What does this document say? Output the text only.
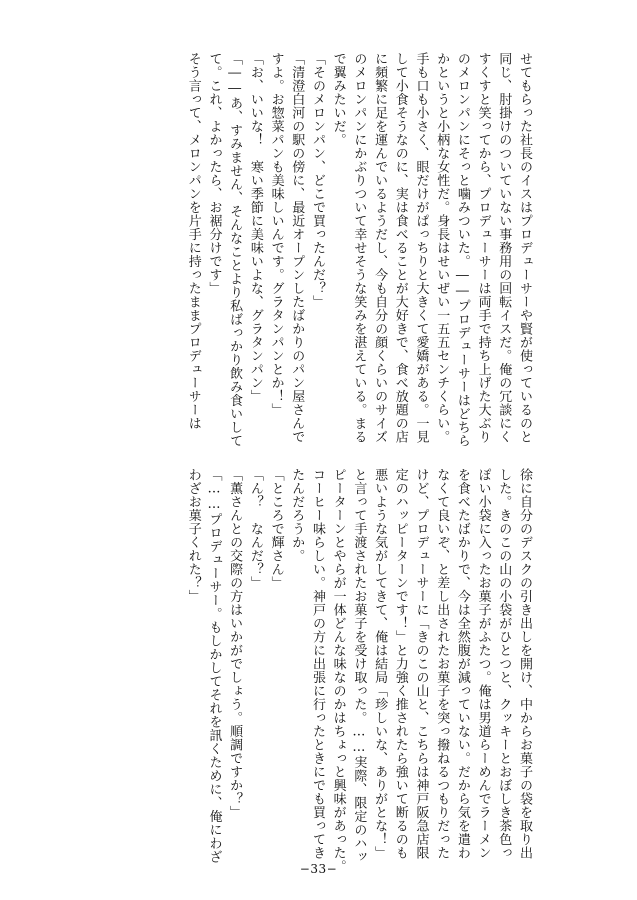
せてもらった社長のイスはプロデューサーや賢が使っているのと
同じ、肘掛けのついていない事務用の回転イスだ。俺の冗談にく
すくすと笑ってから、プロデューサーは両手で持ち上げた大ぶり
のメロンパンにそっと噛みついた。――プロデューサーはどちら
かというと小柄な女性だ。身長はせいぜい一五五センチくらい。
手も口も小さく、眼だけがぱっちりと大きくて愛嬌がある。一見
して小食そうなのに、実は食べることが大好きで、食べ放題の店
に頻繁に足を運んでいるようだし、今も自分の顔くらいのサイズ
のメロンパンにかぶりついて幸せそうな笑みを湛えている。まる
で翼みたいだ。
「そのメロンパン、どこで買ったんだ？」
「清澄白河の駅の傍に、最近オープンしたばかりのパン屋さんで
すよ。お惣菜パンも美味しいんです。グラタンパンとか！」
「お、いいな！　寒い季節に美味いよな、グラタンパン」
「――あ、すみません、そんなことより私ばっかり飲み食いして
て。これ、よかったら、お裾分けです」
そう言って、メロンパンを片手に持ったままプロデューサーは
徐に自分のデスクの引き出しを開け、中からお菓子の袋を取り出
した。きのこの山の小袋がひとつと、クッキーとおぼしき茶色っ
ぽい小袋に入ったお菓子がふたつ。俺は男道らーめんでラーメン
を食べたばかりで、今は全然腹が減っていない。だから気を遣わ
なくて良いぞ、と差し出されたお菓子を突っ撥ねるつもりだった
けど、プロデューサーに「きのこの山と、こちらは神戸阪急店限
定のハッピーターンです！」と力強く推されたら強いて断るのも
悪いような気がしてきて、俺は結局「珍しいな、ありがとな！」
と言って手渡されたお菓子を受け取った。……実際、限定のハッ
ピーターンとやらが一体どんな味なのかはちょっと興味があった。
コーヒー味らしい。神戸の方に出張に行ったときにでも買ってき
たんだろうか。
「ところで輝さん」
「ん？　なんだ？」
「薫さんとの交際の方はいかがでしょう。順調ですか？」
「……プロデューサー。もしかしてそれを訊くために、俺にわざ
わざお菓子くれた？」
−33−
